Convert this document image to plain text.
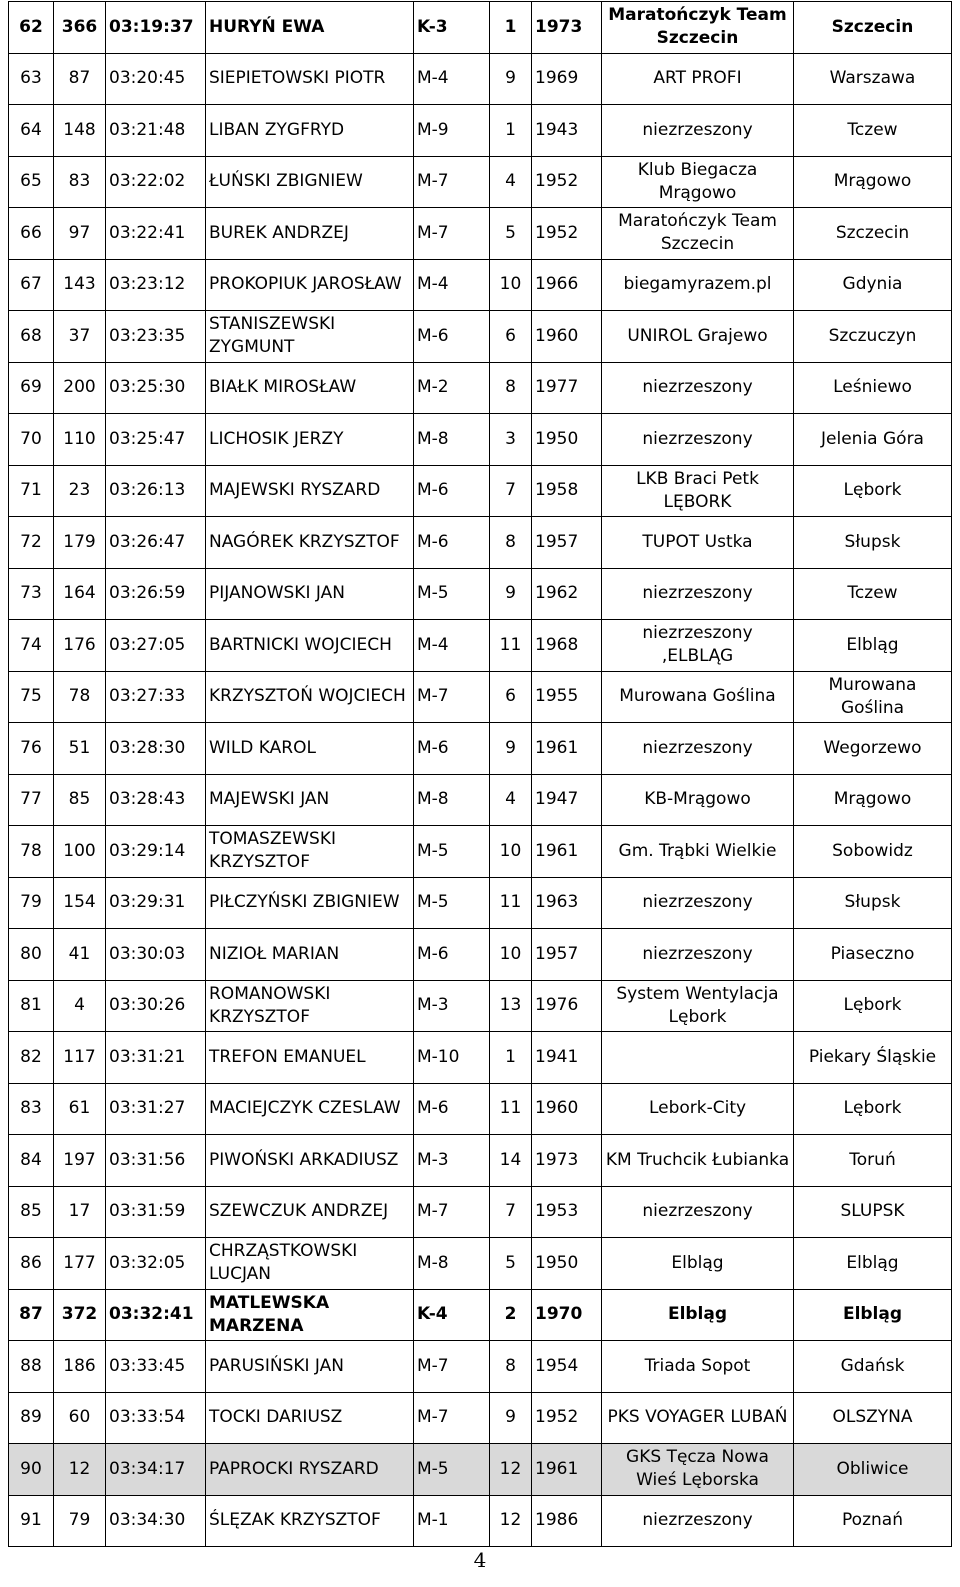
62	366	03:19:37	HURYŃ EWA	K-3	1	1973	Maratończyk Team Szczecin	Szczecin
63	87	03:20:45	SIEPIETOWSKI PIOTR	M-4	9	1969	ART PROFI	Warszawa
64	148	03:21:48	LIBAN ZYGFRYD	M-9	1	1943	niezrzeszony	Tczew
65	83	03:22:02	ŁUŃSKI ZBIGNIEW	M-7	4	1952	Klub Biegacza Mrągowo	Mrągowo
66	97	03:22:41	BUREK ANDRZEJ	M-7	5	1952	Maratończyk Team Szczecin	Szczecin
67	143	03:23:12	PROKOPIUK JAROSŁAW	M-4	10	1966	biegamyrazem.pl	Gdynia
68	37	03:23:35	STANISZEWSKI ZYGMUNT	M-6	6	1960	UNIROL Grajewo	Szczuczyn
69	200	03:25:30	BIAŁK MIROSŁAW	M-2	8	1977	niezrzeszony	Leśniewo
70	110	03:25:47	LICHOSIK JERZY	M-8	3	1950	niezrzeszony	Jelenia Góra
71	23	03:26:13	MAJEWSKI RYSZARD	M-6	7	1958	LKB Braci Petk LĘBORK	Lębork
72	179	03:26:47	NAGÓREK KRZYSZTOF	M-6	8	1957	TUPOT Ustka	Słupsk
73	164	03:26:59	PIJANOWSKI JAN	M-5	9	1962	niezrzeszony	Tczew
74	176	03:27:05	BARTNICKI WOJCIECH	M-4	11	1968	niezrzeszony ,ELBLĄG	Elbląg
75	78	03:27:33	KRZYSZTOŃ WOJCIECH	M-7	6	1955	Murowana Goślina	Murowana Goślina
76	51	03:28:30	WILD KAROL	M-6	9	1961	niezrzeszony	Wegorzewo
77	85	03:28:43	MAJEWSKI JAN	M-8	4	1947	KB-Mrągowo	Mrągowo
78	100	03:29:14	TOMASZEWSKI KRZYSZTOF	M-5	10	1961	Gm. Trąbki Wielkie	Sobowidz
79	154	03:29:31	PIŁCZYŃSKI ZBIGNIEW	M-5	11	1963	niezrzeszony	Słupsk
80	41	03:30:03	NIZIOŁ MARIAN	M-6	10	1957	niezrzeszony	Piaseczno
81	4	03:30:26	ROMANOWSKI KRZYSZTOF	M-3	13	1976	System Wentylacja Lębork	Lębork
82	117	03:31:21	TREFON EMANUEL	M-10	1	1941		Piekary Śląskie
83	61	03:31:27	MACIEJCZYK CZESLAW	M-6	11	1960	Lebork-City	Lębork
84	197	03:31:56	PIWOŃSKI ARKADIUSZ	M-3	14	1973	KM Truchcik Łubianka	Toruń
85	17	03:31:59	SZEWCZUK ANDRZEJ	M-7	7	1953	niezrzeszony	SLUPSK
86	177	03:32:05	CHRZĄSTKOWSKI LUCJAN	M-8	5	1950	Elbląg	Elbląg
87	372	03:32:41	MATLEWSKA MARZENA	K-4	2	1970	Elbląg	Elbląg
88	186	03:33:45	PARUSIŃSKI JAN	M-7	8	1954	Triada Sopot	Gdańsk
89	60	03:33:54	TOCKI DARIUSZ	M-7	9	1952	PKS VOYAGER LUBAŃ	OLSZYNA
90	12	03:34:17	PAPROCKI RYSZARD	M-5	12	1961	GKS Tęcza Nowa Wieś Lęborska	Obliwice
91	79	03:34:30	ŚLĘZAK KRZYSZTOF	M-1	12	1986	niezrzeszony	Poznań
4
